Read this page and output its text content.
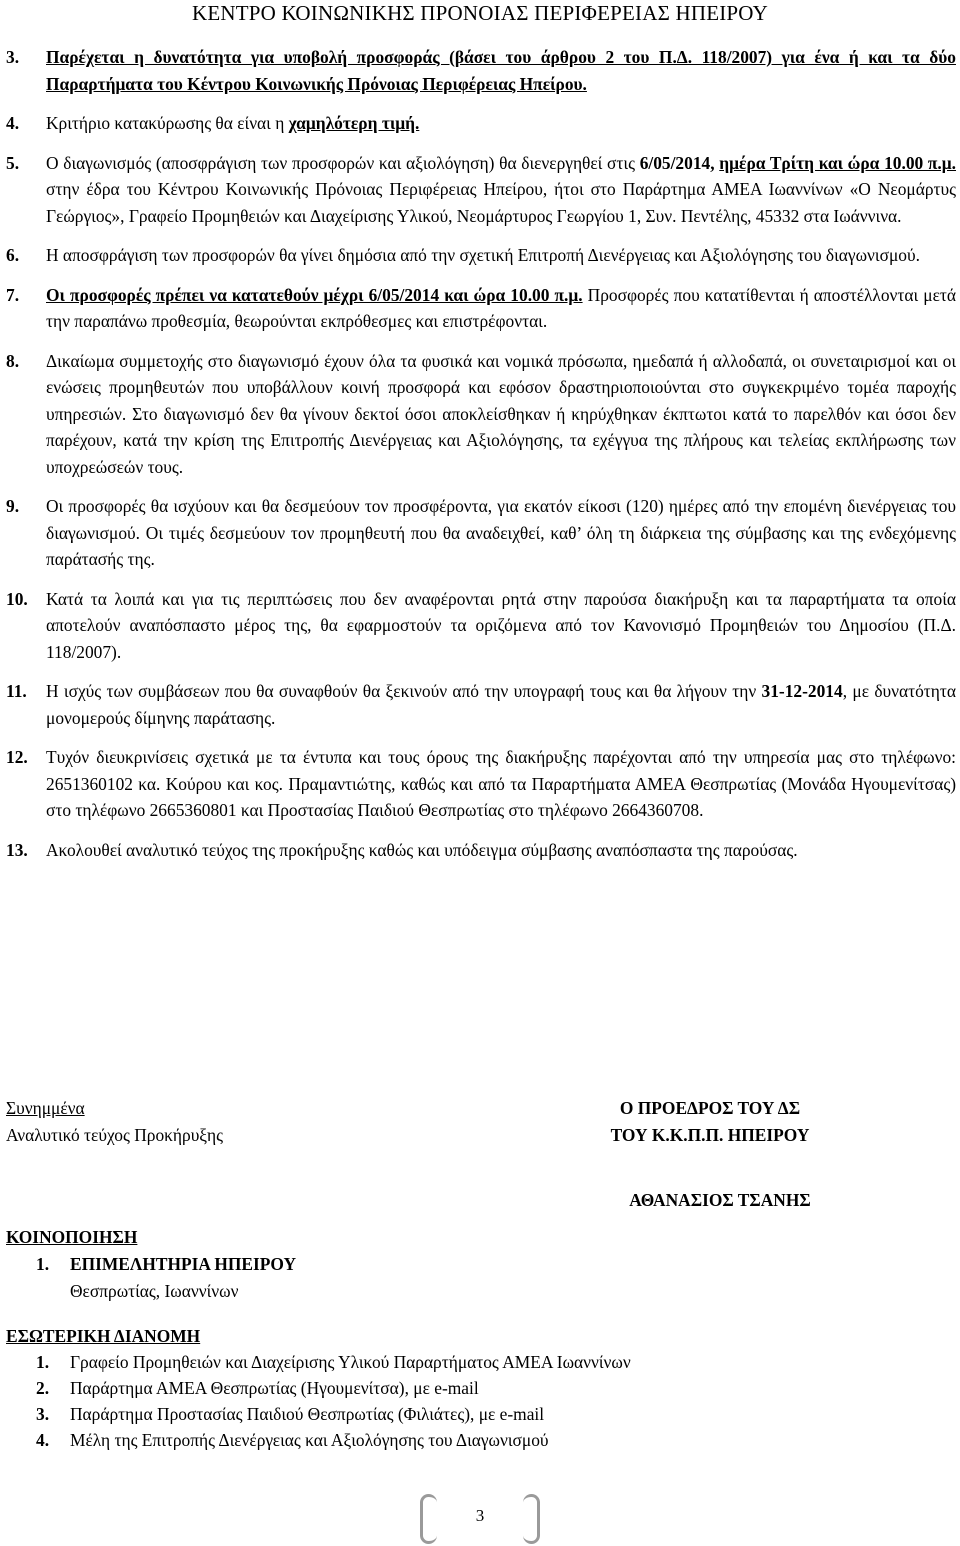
ΚΕΝΤΡΟ ΚΟΙΝΩΝΙΚΗΣ ΠΡΟΝΟΙΑΣ ΠΕΡΙΦΕΡΕΙΑΣ ΗΠΕΙΡΟΥ
3.	Παρέχεται η δυνατότητα για υποβολή προσφοράς (βάσει του άρθρου 2 του Π.Δ. 118/2007) για ένα ή και τα δύο Παραρτήματα του Κέντρου Κοινωνικής Πρόνοιας Περιφέρειας Ηπείρου.
4.	Κριτήριο κατακύρωσης θα είναι η χαμηλότερη τιμή.
5.	Ο διαγωνισμός (αποσφράγιση των προσφορών και αξιολόγηση) θα διενεργηθεί στις 6/05/2014, ημέρα Τρίτη και ώρα 10.00 π.μ. στην έδρα του Κέντρου Κοινωνικής Πρόνοιας Περιφέρειας Ηπείρου, ήτοι στο Παράρτημα ΑΜΕΑ Ιωαννίνων «Ο Νεομάρτυς Γεώργιος», Γραφείο Προμηθειών και Διαχείρισης Υλικού, Νεομάρτυρος Γεωργίου 1, Συν. Πεντέλης, 45332 στα Ιωάννινα.
6.	Η αποσφράγιση των προσφορών θα γίνει δημόσια από την σχετική Επιτροπή Διενέργειας και Αξιολόγησης του διαγωνισμού.
7.	Οι προσφορές πρέπει να κατατεθούν μέχρι 6/05/2014 και ώρα 10.00 π.μ. Προσφορές που κατατίθενται ή αποστέλλονται μετά την παραπάνω προθεσμία, θεωρούνται εκπρόθεσμες και επιστρέφονται.
8.	Δικαίωμα συμμετοχής στο διαγωνισμό έχουν όλα τα φυσικά και νομικά πρόσωπα, ημεδαπά ή αλλοδαπά, οι συνεταιρισμοί και οι ενώσεις προμηθευτών που υποβάλλουν κοινή προσφορά και εφόσον δραστηριοποιούνται στο συγκεκριμένο τομέα παροχής υπηρεσιών. Στο διαγωνισμό δεν θα γίνουν δεκτοί όσοι αποκλείσθηκαν ή κηρύχθηκαν έκπτωτοι κατά το παρελθόν και όσοι δεν παρέχουν, κατά την κρίση της Επιτροπής Διενέργειας και Αξιολόγησης, τα εχέγγυα της πλήρους και τελείας εκπλήρωσης των υποχρεώσεών τους.
9.	Οι προσφορές θα ισχύουν και θα δεσμεύουν τον προσφέροντα, για εκατόν είκοσι (120) ημέρες από την επομένη διενέργειας του διαγωνισμού. Οι τιμές δεσμεύουν τον προμηθευτή που θα αναδειχθεί, καθ’ όλη τη διάρκεια της σύμβασης και της ενδεχόμενης παράτασής της.
10.	Κατά τα λοιπά και για τις περιπτώσεις που δεν αναφέρονται ρητά στην παρούσα διακήρυξη και τα παραρτήματα τα οποία αποτελούν αναπόσπαστο μέρος της, θα εφαρμοστούν τα οριζόμενα από τον Κανονισμό Προμηθειών του Δημοσίου (Π.Δ. 118/2007).
11.	Η ισχύς των συμβάσεων που θα συναφθούν θα ξεκινούν από την υπογραφή τους και θα λήγουν την 31-12-2014, με δυνατότητα μονομερούς δίμηνης παράτασης.
12.	Τυχόν διευκρινίσεις σχετικά με τα έντυπα και τους όρους της διακήρυξης παρέχονται από την υπηρεσία μας στο τηλέφωνο: 2651360102 κα. Κούρου και κος. Πραμαντιώτης, καθώς και από τα Παραρτήματα ΑΜΕΑ Θεσπρωτίας (Μονάδα Ηγουμενίτσας) στο τηλέφωνο 2665360801 και Προστασίας Παιδιού Θεσπρωτίας στο τηλέφωνο 2664360708.
13.	Ακολουθεί αναλυτικό τεύχος της προκήρυξης καθώς και υπόδειγμα σύμβασης αναπόσπαστα της παρούσας.
Συνημμένα
Αναλυτικό τεύχος Προκήρυξης
Ο ΠΡΟΕΔΡΟΣ ΤΟΥ ΔΣ
ΤΟΥ Κ.Κ.Π.Π. ΗΠΕΙΡΟΥ
ΑΘΑΝΑΣΙΟΣ ΤΣΑΝΗΣ
ΚΟΙΝΟΠΟΙΗΣΗ
1.	ΕΠΙΜΕΛΗΤΗΡΙΑ ΗΠΕΙΡΟΥ
Θεσπρωτίας, Ιωαννίνων
ΕΣΩΤΕΡΙΚΗ ΔΙΑΝΟΜΗ
1.	Γραφείο Προμηθειών και Διαχείρισης Υλικού Παραρτήματος ΑΜΕΑ Ιωαννίνων
2.	Παράρτημα ΑΜΕΑ Θεσπρωτίας (Ηγουμενίτσα), με e-mail
3.	Παράρτημα Προστασίας Παιδιού Θεσπρωτίας (Φιλιάτες), με e-mail
4.	Μέλη της Επιτροπής Διενέργειας και Αξιολόγησης του Διαγωνισμού
3
